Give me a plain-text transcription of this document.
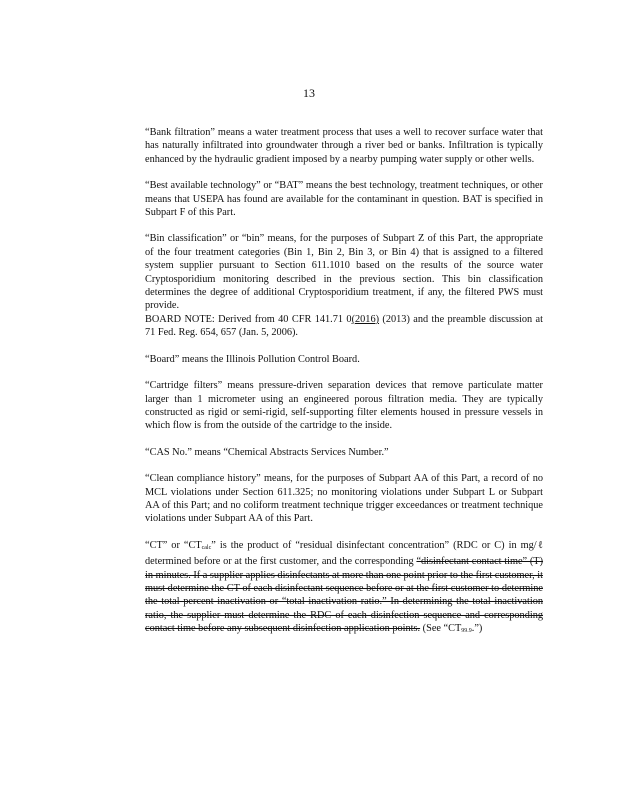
13

“Bank filtration” means a water treatment process that uses a well to recover surface water that has naturally infiltrated into groundwater through a river bed or banks. Infiltration is typically enhanced by the hydraulic gradient imposed by a nearby pumping water supply or other wells.

“Best available technology” or “BAT” means the best technology, treatment techniques, or other means that USEPA has found are available for the contaminant in question. BAT is specified in Subpart F of this Part.

“Bin classification” or “bin” means, for the purposes of Subpart Z of this Part, the appropriate of the four treatment categories (Bin 1, Bin 2, Bin 3, or Bin 4) that is assigned to a filtered system supplier pursuant to Section 611.1010 based on the results of the source water Cryptosporidium monitoring described in the previous section. This bin classification determines the degree of additional Cryptosporidium treatment, if any, the filtered PWS must provide.
BOARD NOTE: Derived from 40 CFR 141.71 0(2016) (2013) and the preamble discussion at 71 Fed. Reg. 654, 657 (Jan. 5, 2006).

“Board” means the Illinois Pollution Control Board.

“Cartridge filters” means pressure-driven separation devices that remove particulate matter larger than 1 micrometer using an engineered porous filtration media. They are typically constructed as rigid or semi-rigid, self-supporting filter elements housed in pressure vessels in which flow is from the outside of the cartridge to the inside.

“CAS No.” means “Chemical Abstracts Services Number.”

“Clean compliance history” means, for the purposes of Subpart AA of this Part, a record of no MCL violations under Section 611.325; no monitoring violations under Subpart L or Subpart AA of this Part; and no coliform treatment technique trigger exceedances or treatment technique violations under Subpart AA of this Part.

“CT” or “CTcalc” is the product of “residual disinfectant concentration” (RDC or C) in mg/ℓ determined before or at the first customer, and the corresponding “disinfectant contact time” (T) in minutes. If a supplier applies disinfectants at more than one point prior to the first customer, it must determine the CT of each disinfectant sequence before or at the first customer to determine the total percent inactivation or “total inactivation ratio.” In determining the total inactivation ratio, the supplier must determine the RDC of each disinfection sequence and corresponding contact time before any subsequent disinfection application points. (See “CT99.9.”)
